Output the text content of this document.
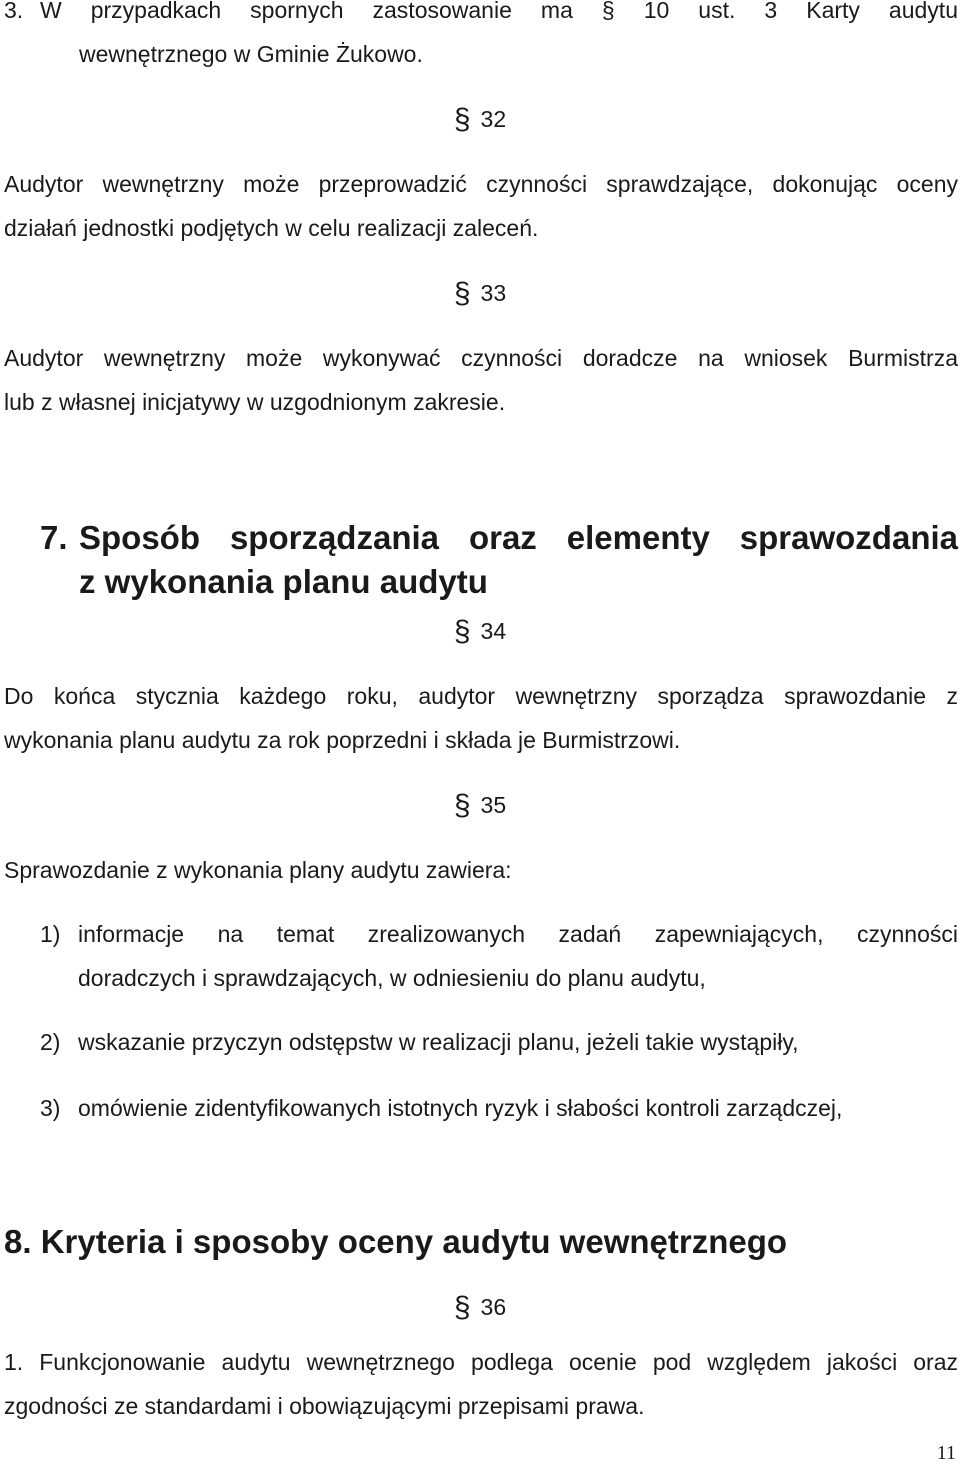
3. W przypadkach spornych zastosowanie ma § 10 ust. 3 Karty audytu
wewnętrznego w Gminie Żukowo.
§ 32
Audytor wewnętrzny może przeprowadzić czynności sprawdzające, dokonując oceny
działań jednostki podjętych w celu realizacji zaleceń.
§ 33
Audytor wewnętrzny może wykonywać czynności doradcze na wniosek Burmistrza
lub z własnej inicjatywy w uzgodnionym zakresie.
7. Sposób sporządzania oraz elementy sprawozdania
z wykonania planu audytu
§ 34
Do końca stycznia każdego roku, audytor wewnętrzny sporządza sprawozdanie z
wykonania planu audytu za rok poprzedni i składa je Burmistrzowi.
§ 35
Sprawozdanie z wykonania plany audytu zawiera:
1) informacje na temat zrealizowanych zadań zapewniających, czynności
doradczych i sprawdzających, w odniesieniu do planu audytu,
2) wskazanie przyczyn odstępstw w realizacji planu, jeżeli takie wystąpiły,
3) omówienie zidentyfikowanych istotnych ryzyk i słabości kontroli zarządczej,
8. Kryteria i sposoby oceny audytu wewnętrznego
§ 36
1. Funkcjonowanie audytu wewnętrznego podlega ocenie pod względem jakości oraz
zgodności ze standardami i obowiązującymi przepisami prawa.
11
